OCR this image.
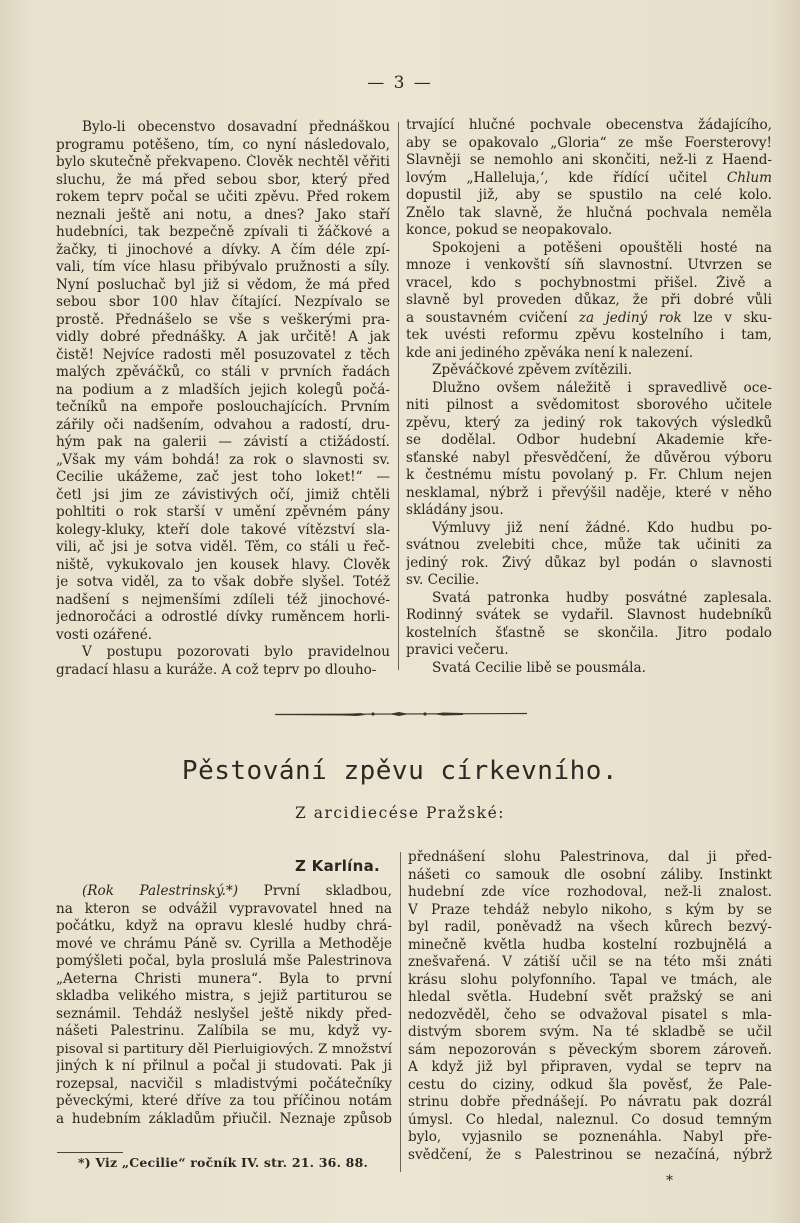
— 3 —
Bylo-li obecenstvo dosavadní přednáškou
programu potěšeno, tím, co nyní následovalo,
bylo skutečně překvapeno. Člověk nechtěl věřiti
sluchu, že má před sebou sbor, který před
rokem teprv počal se učiti zpěvu. Před rokem
neznali ještě ani notu, a dnes? Jako staří
hudebníci, tak bezpečně zpívali ti žáčkové a
žačky, ti jinochové a dívky. A čím déle zpí-
vali, tím více hlasu přibývalo pružnosti a síly.
Nyní posluchač byl již si vědom, že má před
sebou sbor 100 hlav čítající. Nezpívalo se
prostě. Přednášelo se vše s veškerými pra-
vidly dobré přednášky. A jak určitě! A jak
čistě! Nejvíce radosti měl posuzovatel z těch
malých zpěváčků, co stáli v prvních řadách
na podium a z mladších jejich kolegů počá-
tečníků na empoře poslouchajících. Prvním
zářily oči nadšením, odvahou a radostí, dru-
hým pak na galerii — závistí a ctižádostí.
„Však my vám bohdá! za rok o slavnosti sv.
Cecilie ukážeme, zač jest toho loket!“ —
četl jsi jim ze závistivých očí, jimiž chtěli
pohltiti o rok starší v umění zpěvném pány
kolegy-kluky, kteří dole takové vítězství sla-
vili, ač jsi je sotva viděl. Těm, co stáli u řeč-
niště, vykukovalo jen kousek hlavy. Člověk
je sotva viděl, za to však dobře slyšel. Totéž
nadšení s nejmenšími zdíleli též jinochové-
jednoročáci a odrostlé dívky ruměncem horli-
vosti ozářené.
V postupu pozorovati bylo pravidelnou
gradací hlasu a kuráže. A což teprv po dlouho-
trvající hlučné pochvale obecenstva žádajícího,
aby se opakovalo „Gloria“ ze mše Foersterovy!
Slavněji se nemohlo ani skončiti, než-li z Haend-
lovým „Halleluja,‘, kde řídící učitel Chlum
dopustil již, aby se spustilo na celé kolo.
Znělo tak slavně, že hlučná pochvala neměla
konce, pokud se neopakovalo.
Spokojeni a potěšeni opouštěli hosté na
mnoze i venkovští síň slavnostní. Utvrzen se
vracel, kdo s pochybnostmi přišel. Živě a
slavně byl proveden důkaz, že při dobré vůli
a soustavném cvičení za jediný rok lze v sku-
tek uvésti reformu zpěvu kostelního i tam,
kde ani jediného zpěváka není k nalezení.
Zpěváčkové zpěvem zvítězili.
Dlužno ovšem náležitě i spravedlivě oce-
niti pilnost a svědomitost sborového učitele
zpěvu, který za jediný rok takových výsledků
se dodělal. Odbor hudební Akademie kře-
sťanské nabyl přesvědčení, že důvěrou výboru
k čestnému místu povolaný p. Fr. Chlum nejen
nesklamal, nýbrž i převýšil naděje, které v něho
skládány jsou.
Výmluvy již není žádné. Kdo hudbu po-
svátnou zvelebiti chce, může tak učiniti za
jediný rok. Živý důkaz byl podán o slavnosti
sv. Cecilie.
Svatá patronka hudby posvátné zaplesala.
Rodinný svátek se vydařil. Slavnost hudebníků
kostelních šťastně se skončila. Jitro podalo
pravici večeru.
Svatá Cecilie libě se pousmála.
Pěstování zpěvu církevního.
Z arcidiecése Pražské:
Z Karlína.
(Rok Palestrinský.*) První skladbou,
na kteron se odvážil vypravovatel hned na
počátku, když na opravu kleslé hudby chrá-
mové ve chrámu Páně sv. Cyrilla a Methoděje
pomýšleti počal, byla proslulá mše Palestrinova
„Aeterna Christi munera“. Byla to první
skladba velikého mistra, s jejiž partiturou se
seznámil. Tehdáž neslyšel ještě nikdy před-
nášeti Palestrinu. Zalíbila se mu, když vy-
pisoval si partitury děl Pierluigiových. Z množství
jiných k ní přilnul a počal ji studovati. Pak ji
rozepsal, nacvičil s mladistvými počátečníky
pěveckými, které dříve za tou příčinou notám
a hudebním základům přiučil. Neznaje způsob
*) Viz „Cecilie“ ročník IV. str. 21. 36. 88.
přednášení slohu Palestrinova, dal ji před-
nášeti co samouk dle osobní záliby. Instinkt
hudební zde více rozhodoval, než-li znalost.
V Praze tehdáž nebylo nikoho, s kým by se
byl radil, poněvadž na všech kůrech bezvý-
minečně květla hudba kostelní rozbujnělá a
znešvařená. V zátiší učil se na této mši znáti
krásu slohu polyfonního. Tapal ve tmách, ale
hledal světla. Hudební svět pražský se ani
nedozvěděl, čeho se odvažoval pisatel s mla-
distvým sborem svým. Na té skladbě se učil
sám nepozorován s pěveckým sborem zároveň.
A když již byl připraven, vydal se teprv na
cestu do ciziny, odkud šla pověsť, že Pale-
strinu dobře přednášejí. Po návratu pak dozrál
úmysl. Co hledal, naleznul. Co dosud temným
bylo, vyjasnilo se poznenáhla. Nabyl pře-
svědčení, že s Palestrinou se nezačíná, nýbrž
*
